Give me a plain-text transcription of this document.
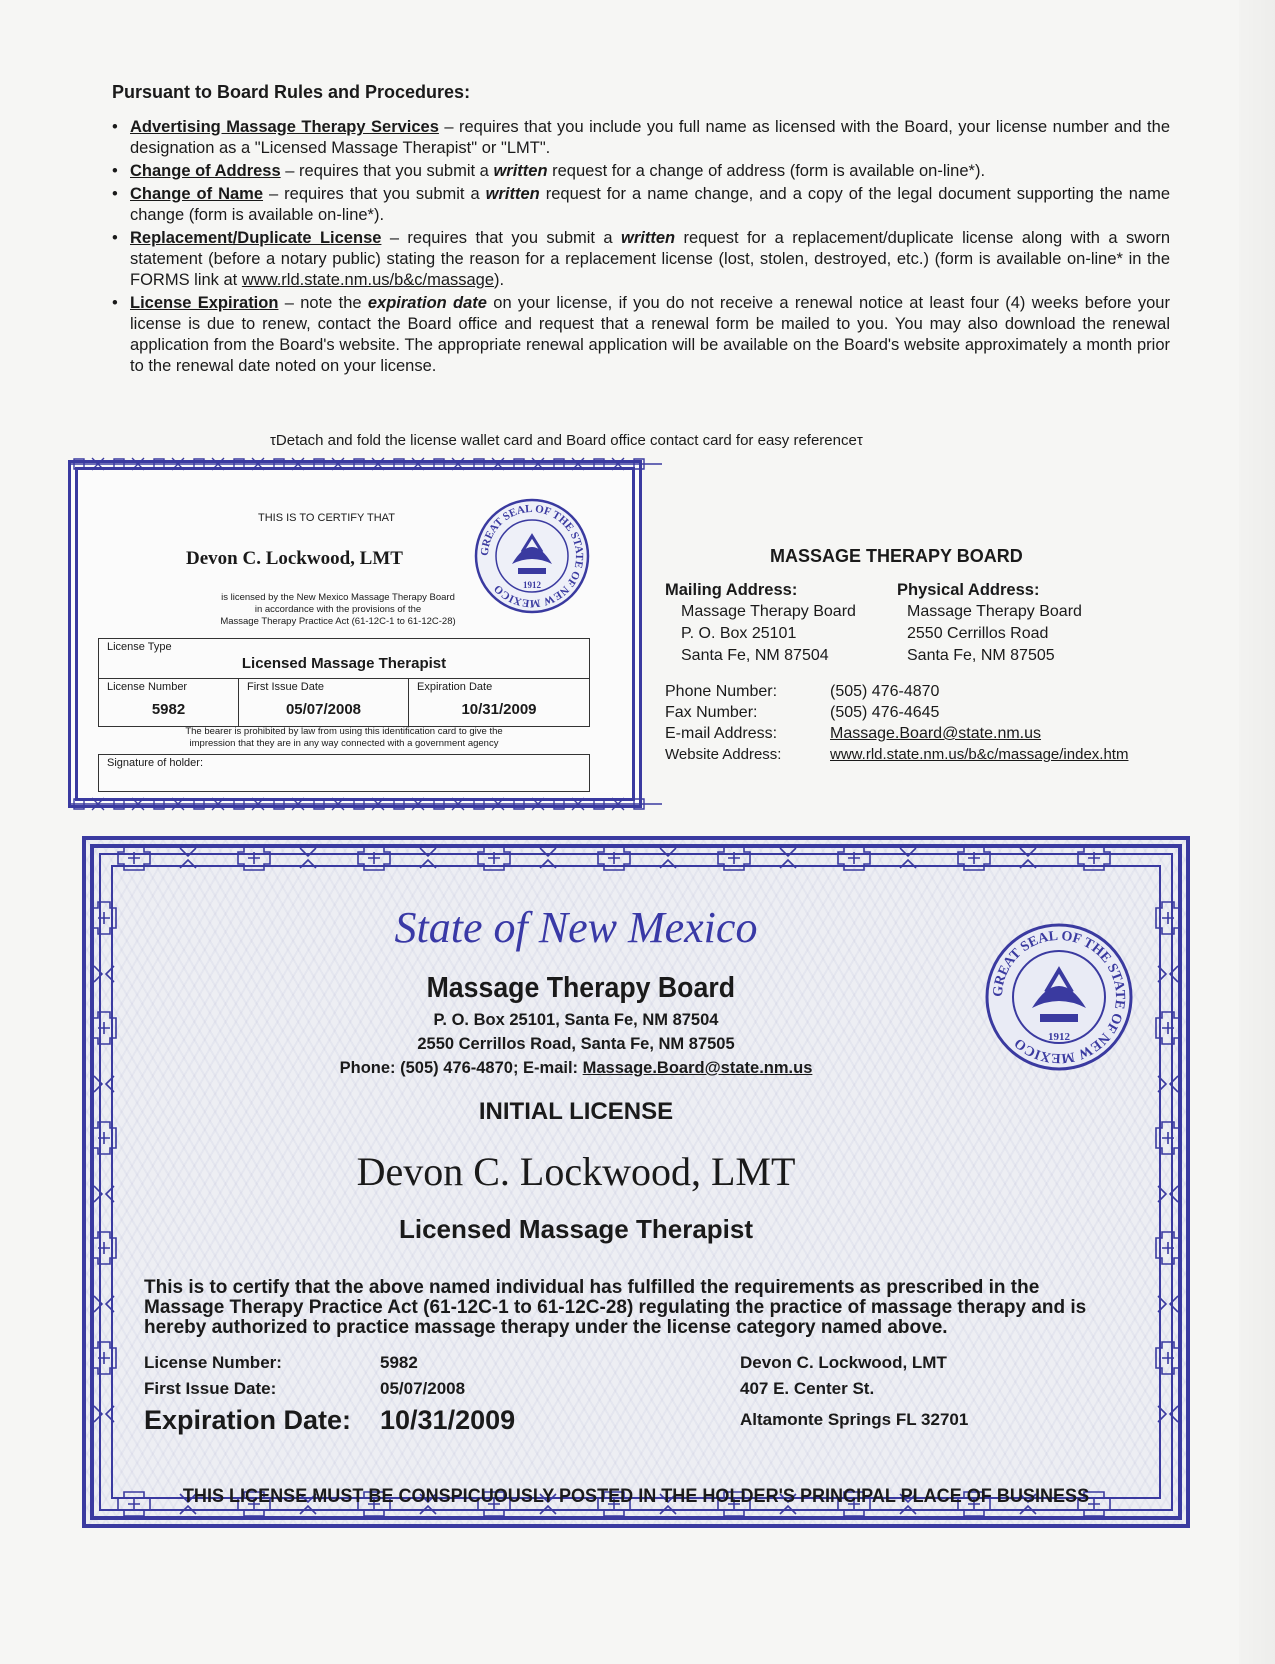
Pursuant to Board Rules and Procedures:
• Advertising Massage Therapy Services – requires that you include you full name as licensed with the Board, your license number and the designation as a "Licensed Massage Therapist" or "LMT".
• Change of Address – requires that you submit a written request for a change of address (form is available on-line*).
• Change of Name – requires that you submit a written request for a name change, and a copy of the legal document supporting the name change (form is available on-line*).
• Replacement/Duplicate License – requires that you submit a written request for a replacement/duplicate license along with a sworn statement (before a notary public) stating the reason for a replacement license (lost, stolen, destroyed, etc.) (form is available on-line* in the FORMS link at www.rld.state.nm.us/b&c/massage).
• License Expiration – note the expiration date on your license, if you do not receive a renewal notice at least four (4) weeks before your license is due to renew, contact the Board office and request that a renewal form be mailed to you. You may also download the renewal application from the Board's website. The appropriate renewal application will be available on the Board's website approximately a month prior to the renewal date noted on your license.
τDetach and fold the license wallet card and Board office contact card for easy referenceτ
THIS IS TO CERTIFY THAT
Devon C. Lockwood, LMT	GREAT SEAL OF THE STATE OF NEW MEXICO	1912
is licensed by the New Mexico Massage Therapy Board
in accordance with the provisions of the
Massage Therapy Practice Act (61-12C-1 to 61-12C-28)
License Type
Licensed Massage Therapist

License Number
5982

First Issue Date
05/07/2008

Expiration Date
10/31/2009
The bearer is prohibited by law from using this identification card to give the
impression that they are in any way connected with a government agency
Signature of holder:
MASSAGE THERAPY BOARD
Mailing Address:
Massage Therapy Board
P. O. Box 25101
Santa Fe, NM 87504
Physical Address:
Massage Therapy Board
2550 Cerrillos Road
Santa Fe, NM 87505
Phone Number:	(505) 476-4870
Fax Number:	(505) 476-4645
E-mail Address:	Massage.Board@state.nm.us
Website Address:	www.rld.state.nm.us/b&c/massage/index.htm
State of New Mexico
Massage Therapy Board
P. O. Box 25101, Santa Fe, NM 87504
2550 Cerrillos Road, Santa Fe, NM 87505
Phone: (505) 476-4870; E-mail: Massage.Board@state.nm.us
GREAT SEAL OF THE STATE OF NEW MEXICO	1912
INITIAL LICENSE
Devon C. Lockwood, LMT
Licensed Massage Therapist
This is to certify that the above named individual has fulfilled the requirements as prescribed in the Massage Therapy Practice Act (61-12C-1 to 61-12C-28) regulating the practice of massage therapy and is hereby authorized to practice massage therapy under the license category named above.
License Number:	5982	Devon C. Lockwood, LMT
First Issue Date:	05/07/2008	407 E. Center St.
Expiration Date:	10/31/2009	Altamonte Springs FL 32701
THIS LICENSE MUST BE CONSPICUOUSLY POSTED IN THE HOLDER'S PRINCIPAL PLACE OF BUSINESS
